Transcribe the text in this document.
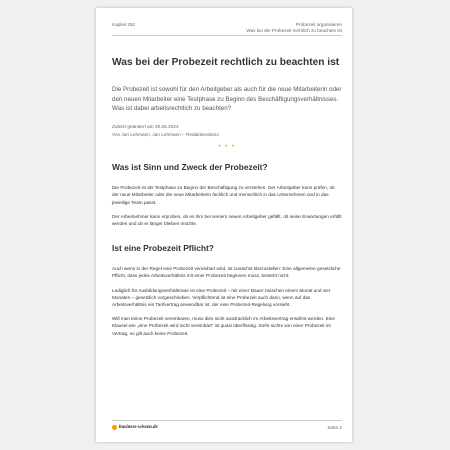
Kapitel 252	Probezeit organisieren
Was bei der Probezeit rechtlich zu beachten ist
Was bei der Probezeit rechtlich zu beachten ist
Die Probezeit ist sowohl für den Arbeitgeber als auch für die neue Mitarbeiterin oder den neuen Mitarbeiter eine Testphase zu Beginn des Beschäftigungsverhältnisses. Was ist dabei arbeitsrechtlich zu beachten?
Zuletzt geändert am 30.05.2023
Von Jan Lehmann, Jan Lehmann – Redaktionsbüro
• • •
Was ist Sinn und Zweck der Probezeit?

Die Probezeit ist als Testphase zu Beginn der Beschäftigung zu verstehen. Der Arbeitgeber kann prüfen, ob der neue Mitarbeiter oder die neue Mitarbeiterin fachlich und menschlich in das Unternehmen und in das jeweilige Team passt.

Der Arbeitnehmer kann erproben, ob es ihm bei seinem neuen Arbeitgeber gefällt, ob seine Erwartungen erfüllt werden und ob er länger bleiben möchte.

Ist eine Probezeit Pflicht?

Auch wenn in der Regel eine Probezeit vereinbart wird, ist zunächst klarzustellen: Eine allgemeine gesetzliche Pflicht, dass jedes Arbeitsverhältnis mit einer Probezeit beginnen muss, besteht nicht.

Lediglich für Ausbildungsverhältnisse ist eine Probezeit – mit einer Dauer zwischen einem Monat und vier Monaten – gesetzlich vorgeschrieben. Verpflichtend ist eine Probezeit auch dann, wenn auf das Arbeitsverhältnis ein Tarifvertrag anwendbar ist, der eine Probezeit-Regelung vorsieht.

Will man keine Probezeit vereinbaren, muss dies nicht ausdrücklich im Arbeitsvertrag erwähnt werden. Eine Klausel wie „eine Probezeit wird nicht vereinbart“ ist quasi überflüssig. Steht nichts von einer Probezeit im Vertrag, so gilt auch keine Probezeit.

business-wissen.de	Seite 2
